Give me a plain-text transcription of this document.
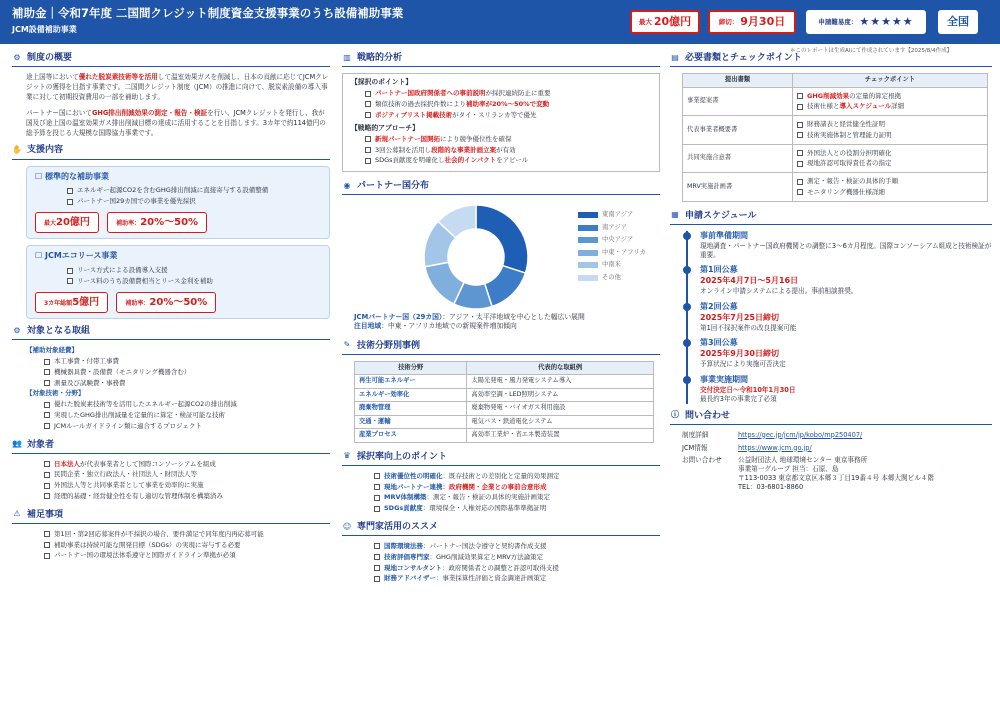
補助金｜令和7年度 二国間クレジット制度資金支援事業のうち設備補助事業
JCM設備補助事業
最大 20億円	締切： 9月30日	申請難易度： ★★★★★	全国
＊このレポートは生成AIにて作成されています【2025/8/4作成】
⚙ 制度の概要

途上国等において優れた脱炭素技術等を活用して温室効果ガスを削減し、日本の貢献に応じてJCMクレジットの獲得を目指す事業です。二国間クレジット制度（JCM）の推進に向けて、脱炭素設備の導入事業に対して初期投資費用の一部を補助します。

パートナー国においてGHG排出削減効果の測定・報告・検証を行い、JCMクレジットを発行し、我が国及び途上国の温室効果ガス排出削減目標の達成に活用することを目指します。3カ年で約114億円の総予算を投じる大規模な国際協力事業です。

✋ 支援内容
☐ 標準的な補助事業
エネルギー起源CO2を含むGHG排出削減に直接寄与する設備整備
パートナー国29カ国での事業を優先採択
最大20億円	補助率：20%〜50%
☐ JCMエコリース事業
リース方式による設備導入支援
リース料のうち設備費相当とリース金利を補助
3カ年総額5億円	補助率：20%〜50%
⚙ 対象となる取組
【補助対象経費】
本工事費・付帯工事費
機械器具費・設備費（モニタリング機器含む）
測量及び試験費・事務費
【対象技術・分野】
優れた脱炭素技術等を活用したエネルギー起源CO2の排出削減
実現したGHG排出削減量を定量的に算定・検証可能な技術
JCMルールガイドライン類に適合するプロジェクト
👥 対象者
日本法人が代表事業者として国際コンソーシアムを組成
民間企業・独立行政法人・社団法人・財団法人等
外国法人等と共同事業者として事業を効率的に実施
経理的基礎・経営健全性を有し適切な管理体制を構築済み
⚠ 補足事項
第1回・第2回応募案件が不採択の場合、要件満足で同年度内再応募可能
補助事業は持続可能な開発目標（SDGs）の実現に寄与する必要
パートナー国の環境法体系遵守と国際ガイドライン準拠が必須
▥ 戦略的分析
【採択のポイント】
パートナー国政府関係者への事前説明が採択連続防止に重要
類似技術の過去採択件数により補助率が20%〜50%で変動
ポジティブリスト掲載技術がタイ・スリランカ等で優先
【戦略的アプローチ】
新規パートナー国開拓により競争優位性を確保
3回公募制を活用し段階的な事業計画立案が有効
SDGs貢献度を明確化し社会的インパクトをアピール
◉ パートナー国分布
東南アジア
南アジア
中央アジア
中東・アフリカ
中南米
その他
JCMパートナー国（29カ国）：アジア・太平洋地域を中心とした幅広い展開
注目地域：中東・アフリカ地域での新規案件増加傾向
✎ 技術分野別事例
技術分野	代表的な取組例
再生可能エネルギー	太陽光発電・風力発電システム導入
エネルギー効率化	高効率空調・LED照明システム
廃棄物管理	廃棄物発電・バイオガス利用施設
交通・運輸	電気バス・鉄道電化システム
産業プロセス	高効率工業炉・省エネ製造装置
♛ 採択率向上のポイント
技術優位性の明確化：既存技術との差別化と定量的効果測定
現地パートナー連携：政府機関・企業との事前合意形成
MRV体制構築：測定・報告・検証の具体的実施計画策定
SDGs貢献度：環境保全・人権対応の国際基準準拠証明
☺ 専門家活用のススメ
国際環境法務：パートナー国法令遵守と契約書作成支援
技術評価専門家：GHG削減効果算定とMRV方法論策定
現地コンサルタント：政府関係者との調整と許認可取得支援
財務アドバイザー：事業採算性評価と資金調達計画策定
▤ 必要書類とチェックポイント
提出書類	チェックポイント
事業提案書	GHG削減効果の定量的算定根拠
技術仕様と導入スケジュール詳細

代表事業者概要書	財務諸表と経営健全性証明
技術実施体制と管理能力証明

共同実施合意書	外国法人との役割分担明確化
現地許認可取得責任者の指定

MRV実施計画書	測定・報告・検証の具体的手順
モニタリング機器仕様詳細
▦ 申請スケジュール
事前準備期間
現地調査・パートナー国政府機関との調整に3〜6カ月程度。国際コンソーシアム組成と技術検証が重要。
第1回公募
2025年4月7日〜5月16日
オンライン申請システムによる提出。事前相談推奨。
第2回公募
2025年7月25日締切
第1回不採択案件の改良提案可能
第3回公募
2025年9月30日締切
予算状況により実施可否決定
事業実施期間
交付決定日〜令和10年1月30日
最長約3年の事業完了必須
ⓘ 問い合わせ
制度詳細	https://gec.jp/jcm/jp/kobo/mp250407/
JCM情報	https://www.jcm.go.jp/
お問い合わせ	公益財団法人 地球環境センター 東京事務所
事業第一グループ 担当：石原、島
〒113-0033 東京都文京区本郷３丁目19番４号 本郷大関ビル４階
TEL：03-6801-8860
